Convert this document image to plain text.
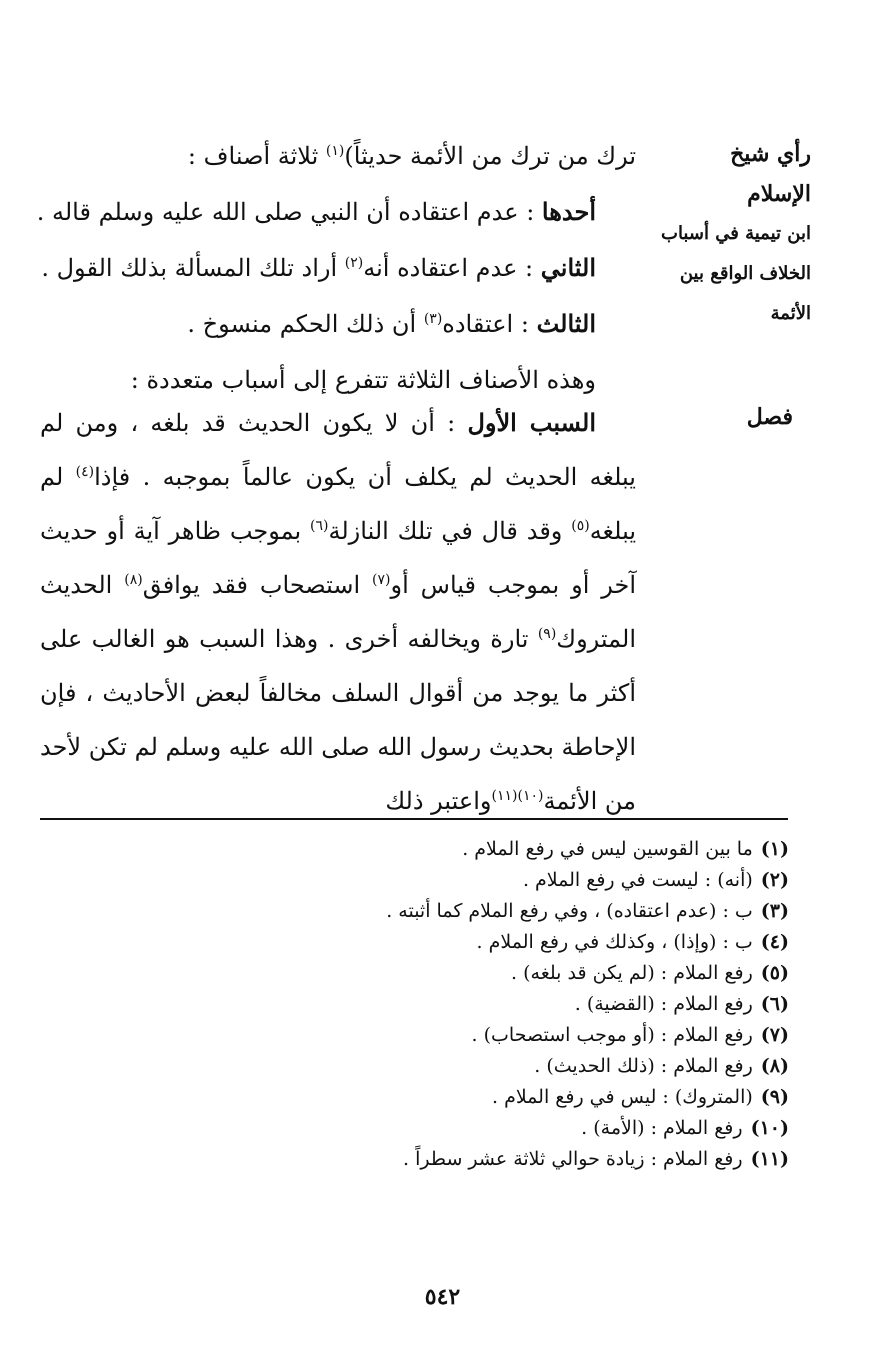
رأي شيخ الإسلام
ابن تيمية في أسباب
الخلاف الواقع بين
الأئمة
فصل
ترك من ترك من الأئمة حديثاً)$^{(١)}$ ثلاثة أصناف :
أحدها : عدم اعتقاده أن النبي صلى الله عليه وسلم قاله .
الثاني : عدم اعتقاده أنه$^{(٢)}$ أراد تلك المسألة بذلك القول .
الثالث : اعتقاده$^{(٣)}$ أن ذلك الحكم منسوخ .
وهذه الأصناف الثلاثة تتفرع إلى أسباب متعددة :
السبب الأول : أن لا يكون الحديث قد بلغه ، ومن لم يبلغه الحديث لم يكلف أن يكون عالماً بموجبه . فإذا$^{(٤)}$ لم يبلغه$^{(٥)}$ وقد قال في تلك النازلة$^{(٦)}$ بموجب ظاهر آية أو حديث آخر أو بموجب قياس أو$^{(٧)}$ استصحاب فقد يوافق$^{(٨)}$ الحديث المتروك$^{(٩)}$ تارة ويخالفه أخرى . وهذا السبب هو الغالب على أكثر ما يوجد من أقوال السلف مخالفاً لبعض الأحاديث ، فإن الإحاطة بحديث رسول الله صلى الله عليه وسلم لم تكن لأحد من الأئمة$^{(١٠)(١١)}$واعتبر ذلك
(١)ما بين القوسين ليس في رفع الملام .
(٢)(أنه) : ليست في رفع الملام .
(٣)ب : (عدم اعتقاده) ، وفي رفع الملام كما أثبته .
(٤)ب : (وإذا) ، وكذلك في رفع الملام .
(٥)رفع الملام : (لم يكن قد بلغه) .
(٦)رفع الملام : (القضية) .
(٧)رفع الملام : (أو موجب استصحاب) .
(٨)رفع الملام : (ذلك الحديث) .
(٩)(المتروك) : ليس في رفع الملام .
(١٠)رفع الملام : (الأمة) .
(١١)رفع الملام : زيادة حوالي ثلاثة عشر سطراً .
٥٤٢
